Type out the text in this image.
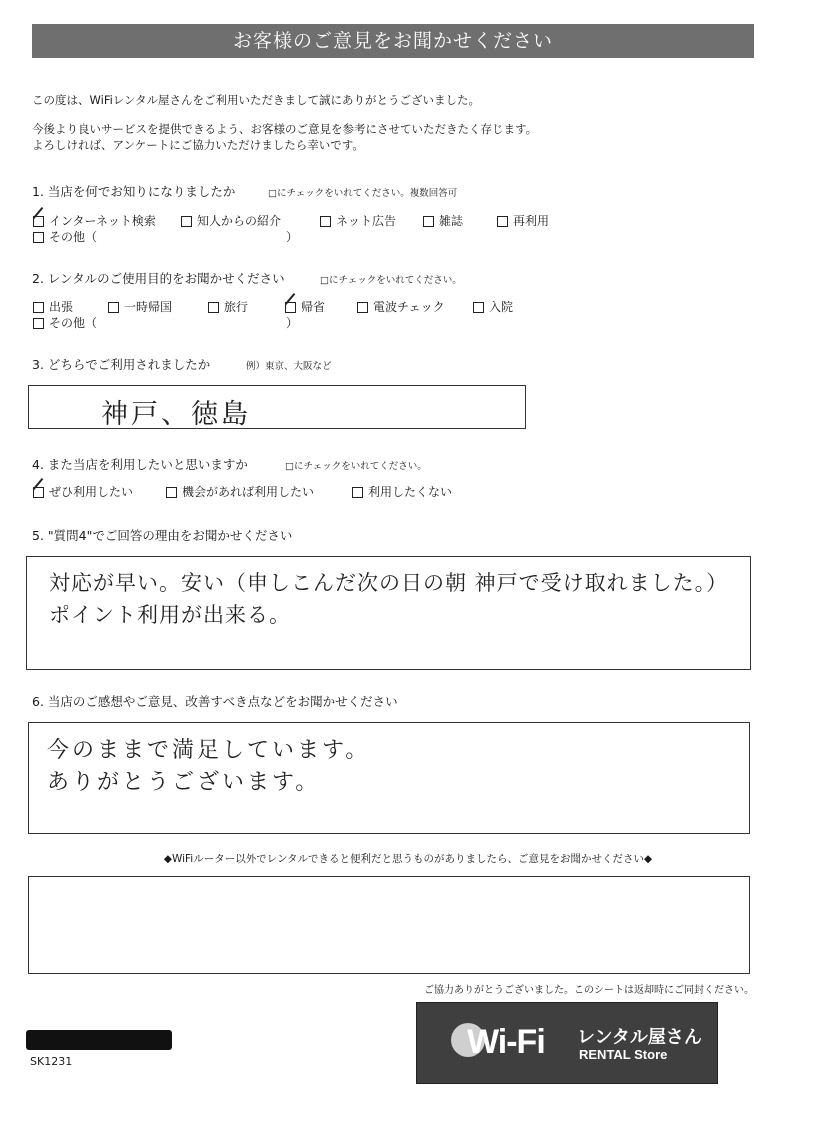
お客様のご意見をお聞かせください
この度は、WiFiレンタル屋さんをご利用いただきまして誠にありがとうございました。
今後より良いサービスを提供できるよう、お客様のご意見を参考にさせていただきたく存じます。
よろしければ、アンケートにご協力いただけましたら幸いです。
1. 当店を何でお知りになりましたか	□にチェックをいれてください。複数回答可
インターネット検索	知人からの紹介	ネット広告	雑誌	再利用
その他（	）
2. レンタルのご使用目的をお聞かせください	□にチェックをいれてください。
出張	一時帰国	旅行	帰省	電波チェック	入院
その他（	）
3. どちらでご利用されましたか	例）東京、大阪など
神戸、徳島
4. また当店を利用したいと思いますか	□にチェックをいれてください。
ぜひ利用したい	機会があれば利用したい	利用したくない
5. "質問4"でご回答の理由をお聞かせください
対応が早い。安い（申しこんだ次の日の朝 神戸で受け取れました。）
ポイント利用が出来る。
6. 当店のご感想やご意見、改善すべき点などをお聞かせください
今のままで満足しています。
ありがとうございます。
◆WiFiルーター以外でレンタルできると便利だと思うものがありましたら、ご意見をお聞かせください◆
ご協力ありがとうございました。このシートは返却時にご同封ください。
SK1231
Wi-Fi レンタル屋さん
RENTAL Store
